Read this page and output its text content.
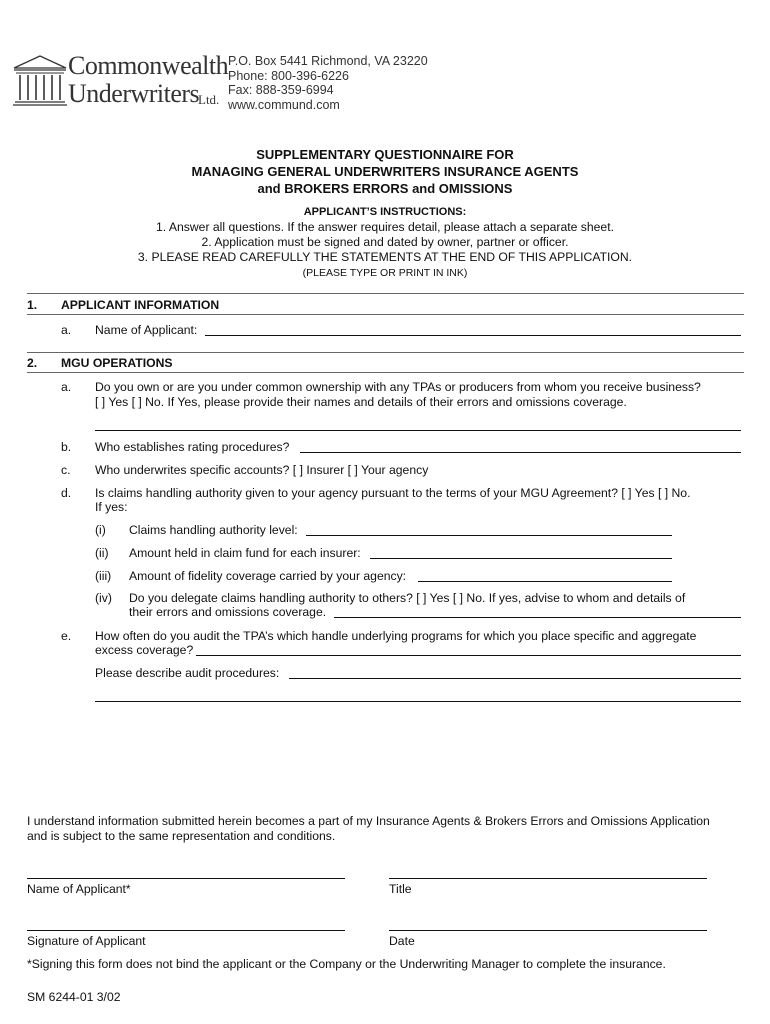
Commonwealth
Underwriters
Ltd.
P.O. Box 5441 Richmond, VA 23220
Phone: 800-396-6226
Fax: 888-359-6994
www.commund.com
SUPPLEMENTARY QUESTIONNAIRE FOR
MANAGING GENERAL UNDERWRITERS INSURANCE AGENTS
and BROKERS ERRORS and OMISSIONS
APPLICANT’S INSTRUCTIONS:
1. Answer all questions. If the answer requires detail, please attach a separate sheet.
2. Application must be signed and dated by owner, partner or officer.
3. PLEASE READ CAREFULLY THE STATEMENTS AT THE END OF THIS APPLICATION.
(PLEASE TYPE OR PRINT IN INK)
1. APPLICANT INFORMATION
a. Name of Applicant:
2. MGU OPERATIONS
a. Do you own or are you under common ownership with any TPAs or producers from whom you receive business?
[ ] Yes [ ] No. If Yes, please provide their names and details of their errors and omissions coverage.
b. Who establishes rating procedures?
c. Who underwrites specific accounts? [ ] Insurer [ ] Your agency
d. Is claims handling authority given to your agency pursuant to the terms of your MGU Agreement? [ ] Yes [ ] No.
If yes:
(i) Claims handling authority level:
(ii) Amount held in claim fund for each insurer:
(iii) Amount of fidelity coverage carried by your agency:
(iv) Do you delegate claims handling authority to others? [ ] Yes [ ] No. If yes, advise to whom and details of
their errors and omissions coverage.
e. How often do you audit the TPA’s which handle underlying programs for which you place specific and aggregate
excess coverage?
Please describe audit procedures:
I understand information submitted herein becomes a part of my Insurance Agents & Brokers Errors and Omissions Application
and is subject to the same representation and conditions.
Name of Applicant*	Title
Signature of Applicant	Date
*Signing this form does not bind the applicant or the Company or the Underwriting Manager to complete the insurance.
SM 6244-01 3/02
